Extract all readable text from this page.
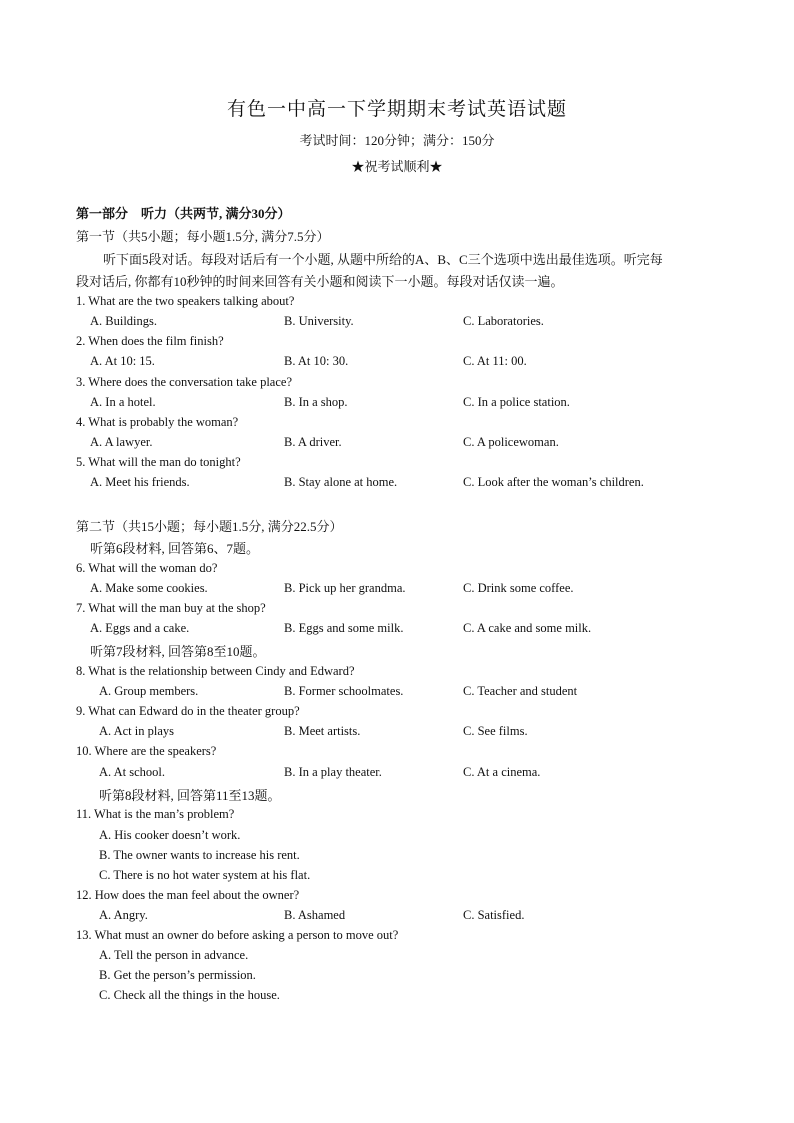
有色一中高一下学期期末考试英语试题
考试时间：120分钟；满分：150分
★祝考试顺利★
第一部分　听力（共两节, 满分30分）
第一节（共5小题；每小题1.5分, 满分7.5分）
听下面5段对话。每段对话后有一个小题, 从题中所给的A、B、C三个选项中选出最佳选项。听完每
段对话后, 你都有10秒钟的时间来回答有关小题和阅读下一小题。每段对话仅读一遍。
1. What are the two speakers talking about?
A. Buildings.	B. University.	C. Laboratories.
2. When does the film finish?
A. At 10: 15.	B. At 10: 30.	C. At 11: 00.
3. Where does the conversation take place?
A. In a hotel.	B. In a shop.	C. In a police station.
4. What is probably the woman?
A. A lawyer.	B. A driver.	C. A policewoman.
5. What will the man do tonight?
A. Meet his friends.	B. Stay alone at home.	C. Look after the woman’s children.
第二节（共15小题；每小题1.5分, 满分22.5分）
听第6段材料, 回答第6、7题。
6. What will the woman do?
A. Make some cookies.	B. Pick up her grandma.	C. Drink some coffee.
7. What will the man buy at the shop?
A. Eggs and a cake.	B. Eggs and some milk.	C. A cake and some milk.
听第7段材料, 回答第8至10题。
8. What is the relationship between Cindy and Edward?
A. Group members.	B. Former schoolmates.	C. Teacher and student
9. What can Edward do in the theater group?
A. Act in plays	B. Meet artists.	C. See films.
10. Where are the speakers?
A. At school.	B. In a play theater.	C. At a cinema.
听第8段材料, 回答第11至13题。
11. What is the man’s problem?
A. His cooker doesn’t work.
B. The owner wants to increase his rent.
C. There is no hot water system at his flat.
12. How does the man feel about the owner?
A. Angry.	B. Ashamed	C. Satisfied.
13. What must an owner do before asking a person to move out?
A. Tell the person in advance.
B. Get the person’s permission.
C. Check all the things in the house.
